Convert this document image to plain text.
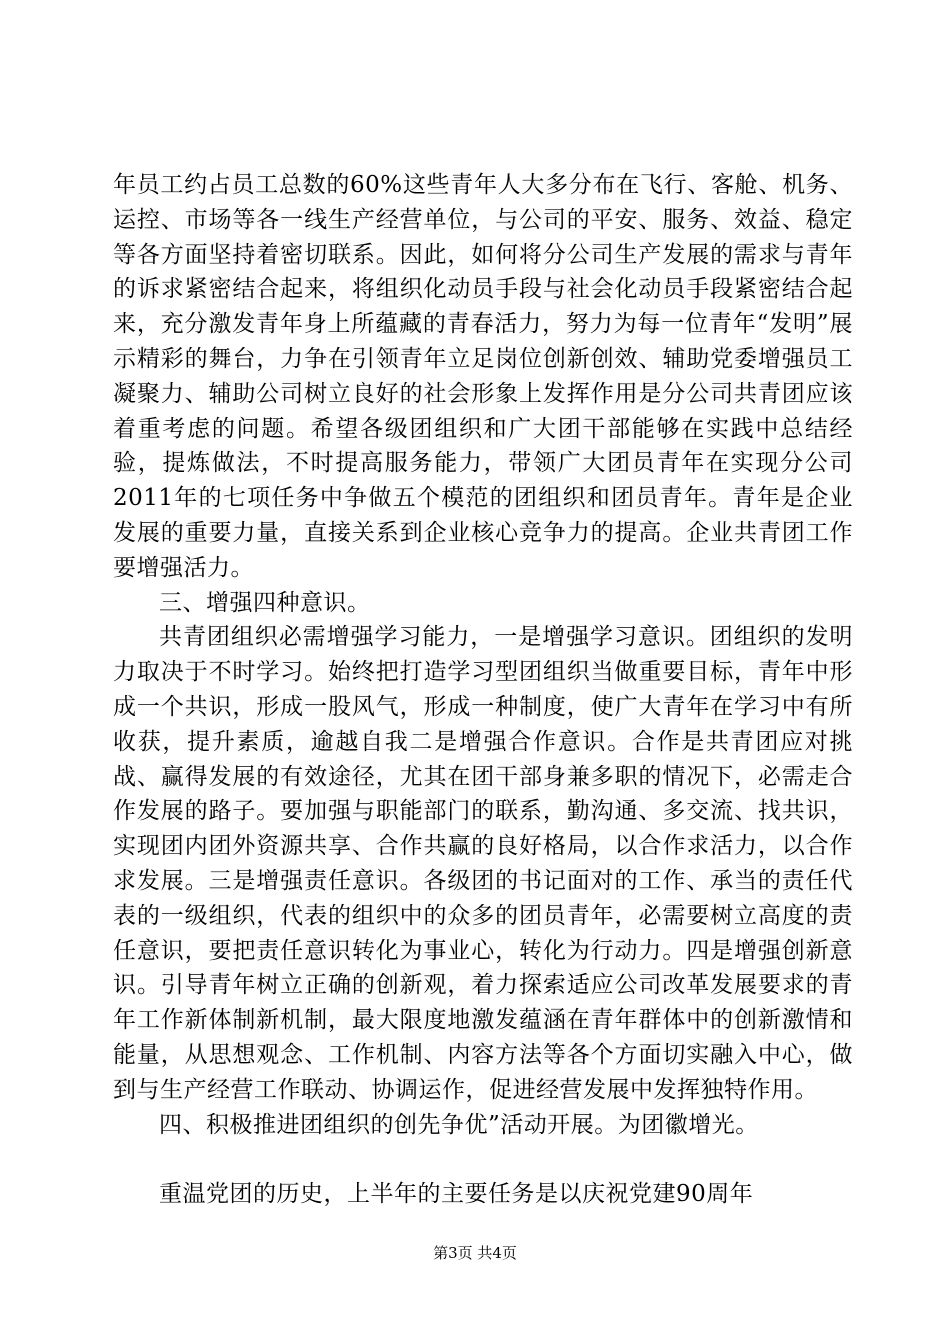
年员工约占员工总数的60%这些青年人大多分布在飞行、客舱、机务、运控、市场等各一线生产经营单位，与公司的平安、服务、效益、稳定等各方面坚持着密切联系。因此，如何将分公司生产发展的需求与青年的诉求紧密结合起来，将组织化动员手段与社会化动员手段紧密结合起来，充分激发青年身上所蕴藏的青春活力，努力为每一位青年“发明”展示精彩的舞台，力争在引领青年立足岗位创新创效、辅助党委增强员工凝聚力、辅助公司树立良好的社会形象上发挥作用是分公司共青团应该着重考虑的问题。希望各级团组织和广大团干部能够在实践中总结经验，提炼做法，不时提高服务能力，带领广大团员青年在实现分公司2011年的七项任务中争做五个模范的团组织和团员青年。青年是企业发展的重要力量，直接关系到企业核心竞争力的提高。企业共青团工作要增强活力。

三、增强四种意识。

共青团组织必需增强学习能力，一是增强学习意识。团组织的发明力取决于不时学习。始终把打造学习型团组织当做重要目标，青年中形成一个共识，形成一股风气，形成一种制度，使广大青年在学习中有所收获，提升素质，逾越自我二是增强合作意识。合作是共青团应对挑战、赢得发展的有效途径，尤其在团干部身兼多职的情况下，必需走合作发展的路子。要加强与职能部门的联系，勤沟通、多交流、找共识，实现团内团外资源共享、合作共赢的良好格局，以合作求活力，以合作求发展。三是增强责任意识。各级团的书记面对的工作、承当的责任代表的一级组织，代表的组织中的众多的团员青年，必需要树立高度的责任意识，要把责任意识转化为事业心，转化为行动力。四是增强创新意识。引导青年树立正确的创新观，着力探索适应公司改革发展要求的青年工作新体制新机制，最大限度地激发蕴涵在青年群体中的创新激情和能量，从思想观念、工作机制、内容方法等各个方面切实融入中心，做到与生产经营工作联动、协调运作，促进经营发展中发挥独特作用。

四、积极推进团组织的创先争优”活动开展。为团徽增光。

重温党团的历史，上半年的主要任务是以庆祝党建90周年

第3页 共4页
